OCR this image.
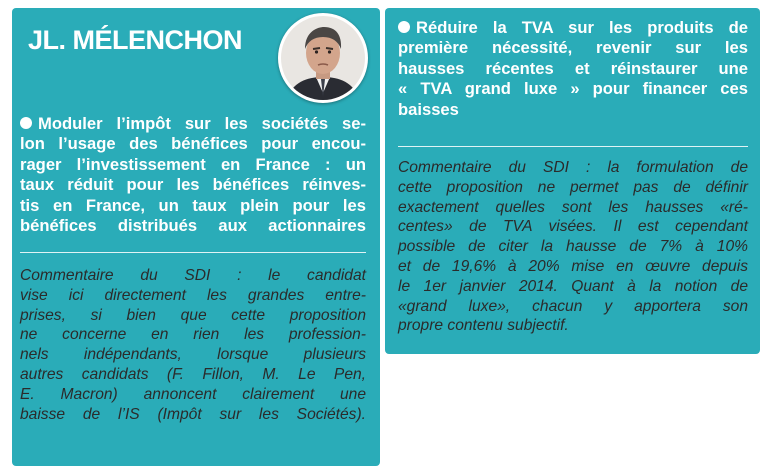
JL. MÉLENCHON
Moduler l’impôt sur les sociétés se-
lon l’usage des bénéfices pour encou-
rager l’investissement en France : un
taux réduit pour les bénéfices réinves-
tis en France, un taux plein pour les
bénéfices distribués aux actionnaires
Commentaire du SDI : le candidat
vise ici directement les grandes entre-
prises, si bien que cette proposition
ne concerne en rien les profession-
nels indépendants, lorsque plusieurs
autres candidats (F. Fillon, M. Le Pen,
E. Macron) annoncent clairement une
baisse de l’IS (Impôt sur les Sociétés).
Réduire la TVA sur les produits de
première nécessité, revenir sur les
hausses récentes et réinstaurer une
« TVA grand luxe » pour financer ces
baisses
Commentaire du SDI : la formulation de
cette proposition ne permet pas de définir
exactement quelles sont les hausses «ré-
centes» de TVA visées. Il est cependant
possible de citer la hausse de 7% à 10%
et de 19,6% à 20% mise en œuvre depuis
le 1er janvier 2014. Quant à la notion de
«grand luxe», chacun y apportera son
propre contenu subjectif.
